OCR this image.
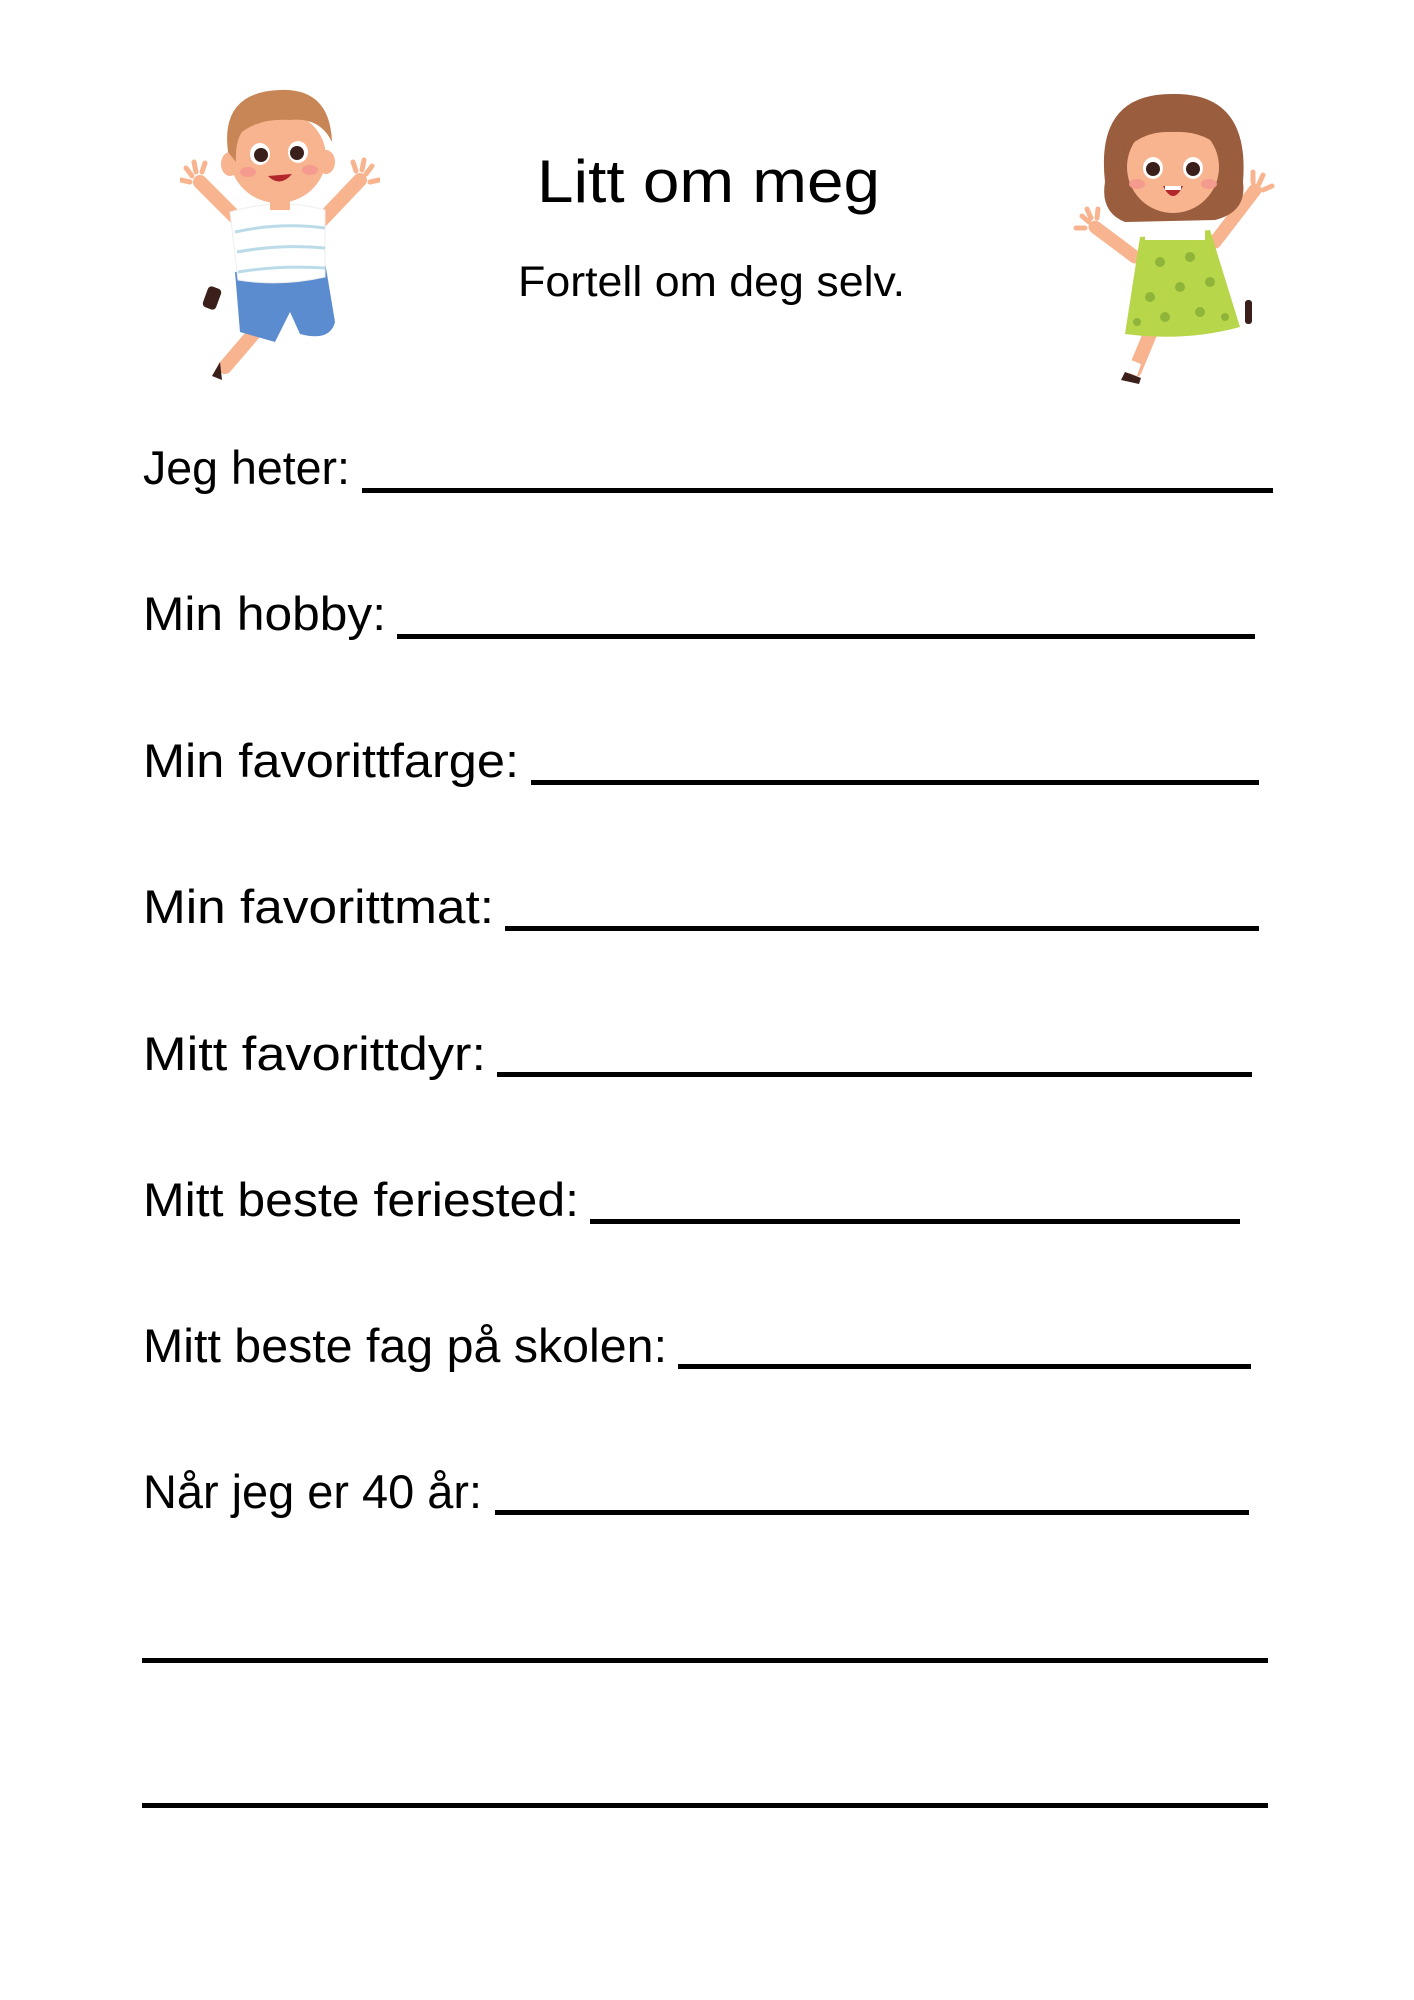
Litt om meg
Fortell om deg selv.
Jeg heter:
Min hobby:
Min favorittfarge:
Min favorittmat:
Mitt favorittdyr:
Mitt beste feriested:
Mitt beste fag på skolen:
Når jeg er 40 år:
